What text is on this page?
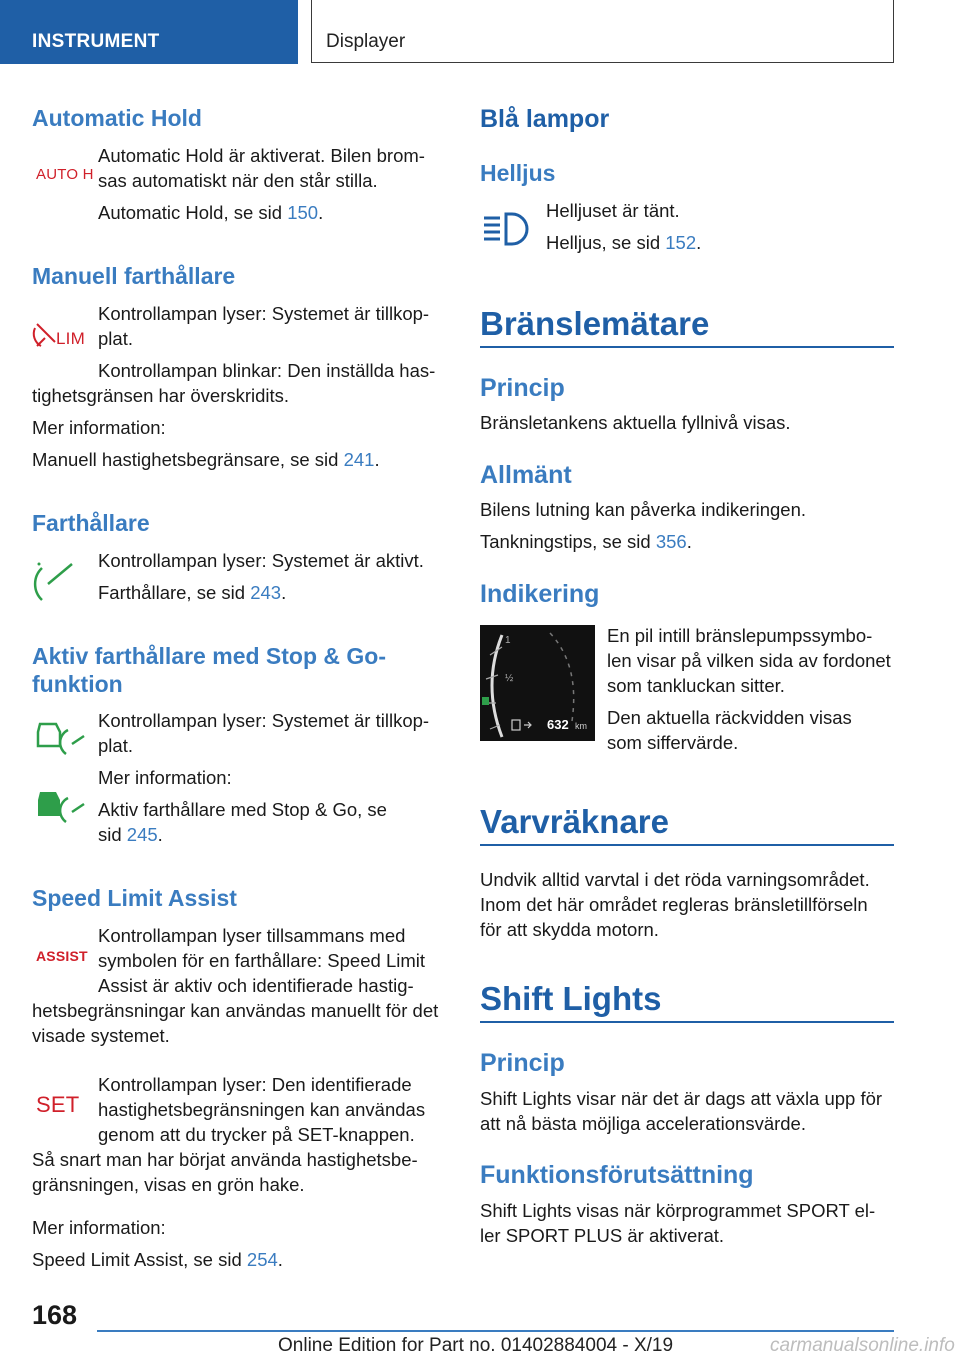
INSTRUMENT	Displayer
Automatic Hold
AUTO H
Automatic Hold är aktiverat. Bilen brom‐
sas automatiskt när den står stilla.
Automatic Hold, se sid 150.
Manuell farthållare
LIM
Kontrollampan lyser: Systemet är tillkop‐
plat.
Kontrollampan blinkar: Den inställda has‐
tighetsgränsen har överskridits.
Mer information:
Manuell hastighetsbegränsare, se sid 241.
Farthållare
Kontrollampan lyser: Systemet är aktivt.
Farthållare, se sid 243.
Aktiv farthållare med Stop & Go-
funktion
Kontrollampan lyser: Systemet är tillkop‐
plat.
Mer information:
Aktiv farthållare med Stop & Go, se
sid 245.
Speed Limit Assist
ASSIST
Kontrollampan lyser tillsammans med
symbolen för en farthållare: Speed Limit
Assist är aktiv och identifierade hastig‐
hetsbegränsningar kan användas manuellt för det
visade systemet.
SET
Kontrollampan lyser: Den identifierade
hastighetsbegränsningen kan användas
genom att du trycker på SET-knappen.
Så snart man har börjat använda hastighetsbe‐
gränsningen, visas en grön hake.
Mer information:
Speed Limit Assist, se sid 254.
Blå lampor
Helljus
Helljuset är tänt.
Helljus, se sid 152.
Bränslemätare
Princip
Bränsletankens aktuella fyllnivå visas.
Allmänt
Bilens lutning kan påverka indikeringen.
Tankningstips, se sid 356.
Indikering
1
½
632 km
En pil intill bränslepumpssymbo‐
len visar på vilken sida av fordonet
som tankluckan sitter.
Den aktuella räckvidden visas
som siffervärde.
Varvräknare
Undvik alltid varvtal i det röda varningsområdet.
Inom det här området regleras bränsletillförseln
för att skydda motorn.
Shift Lights
Princip
Shift Lights visar när det är dags att växla upp för
att nå bästa möjliga accelerationsvärde.
Funktionsförutsättning
Shift Lights visas när körprogrammet SPORT el‐
ler SPORT PLUS är aktiverat.
168
Online Edition for Part no. 01402884004 - X/19	carmanualsonline.info
